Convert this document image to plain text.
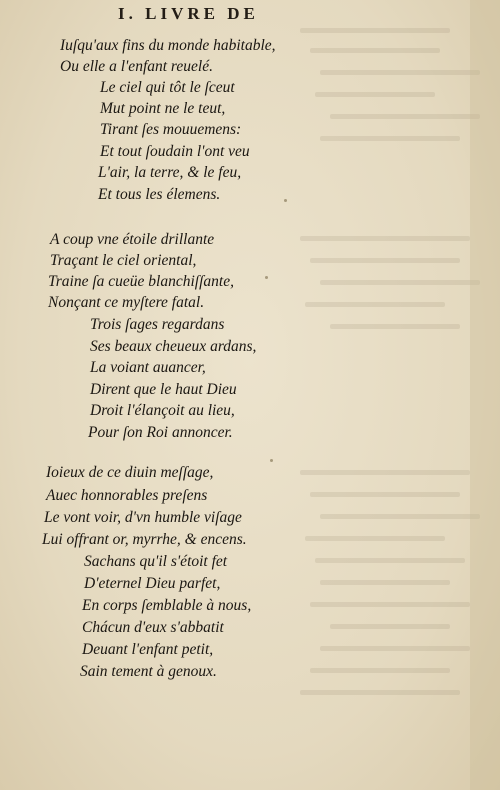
I. LIVRE DE
Iuſqu'aux fins du monde habitable,
Ou elle a l'enfant reuelé.
Le ciel qui tôt le ſceut
Mut point ne le teut,
Tirant ſes mouuemens:
Et tout ſoudain l'ont veu
L'air, la terre, & le feu,
Et tous les élemens.
A coup vne étoile drillante
Traçant le ciel oriental,
Traine ſa cueüe blanchiſſante,
Nonçant ce myſtere fatal.
Trois ſages regardans
Ses beaux cheueux ardans,
La voiant auancer,
Dirent que le haut Dieu
Droit l'élançoit au lieu,
Pour ſon Roi annoncer.
Ioieux de ce diuin meſſage,
Auec honnorables preſens
Le vont voir, d'vn humble viſage
Lui offrant or, myrrhe, & encens.
Sachans qu'il s'étoit fet
D'eternel Dieu parfet,
En corps ſemblable à nous,
Chácun d'eux s'abbatit
Deuant l'enfant petit,
Sain tement à genoux.
